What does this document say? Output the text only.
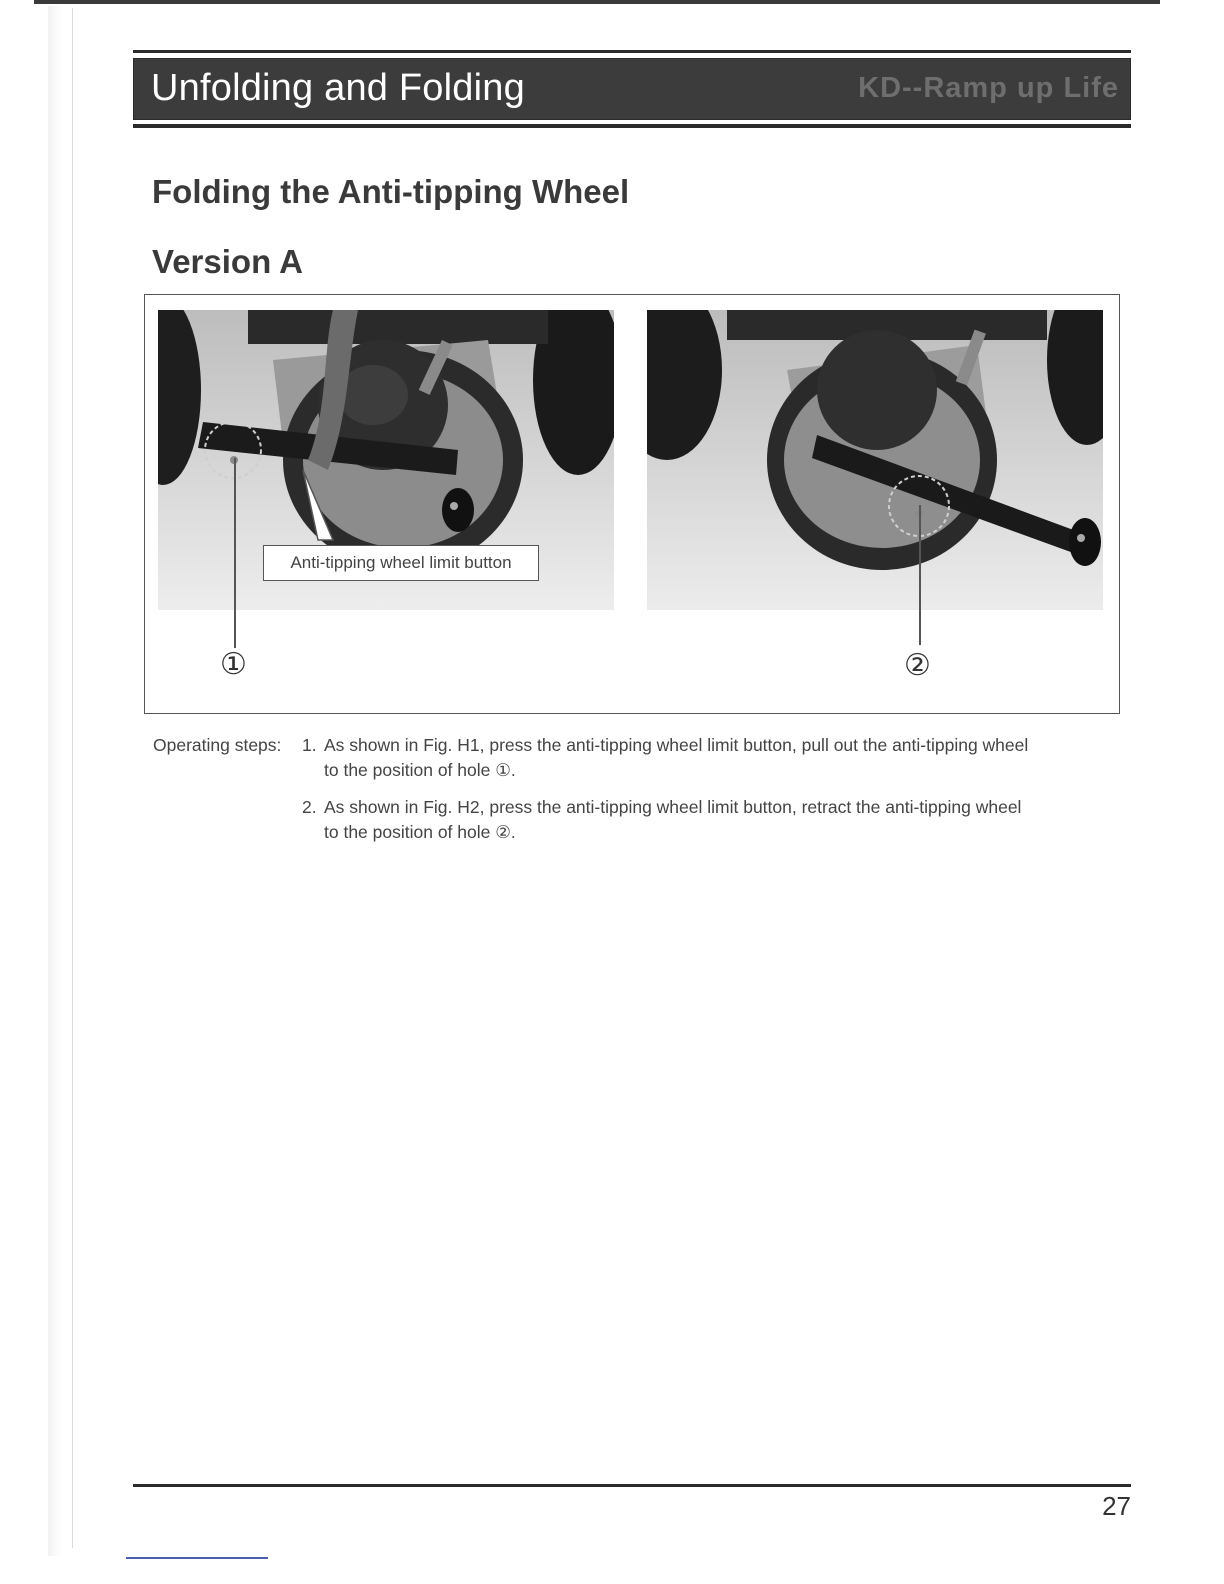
Unfolding and Folding	KD--Ramp up Life
Folding the Anti-tipping Wheel
Version A
Anti-tipping wheel limit button
①	②
Operating steps: 1. As shown in Fig. H1, press the anti-tipping wheel limit button, pull out the anti-tipping wheel
to the position of hole ①.
2. As shown in Fig. H2, press the anti-tipping wheel limit button, retract the anti-tipping wheel
to the position of hole ②.
27
